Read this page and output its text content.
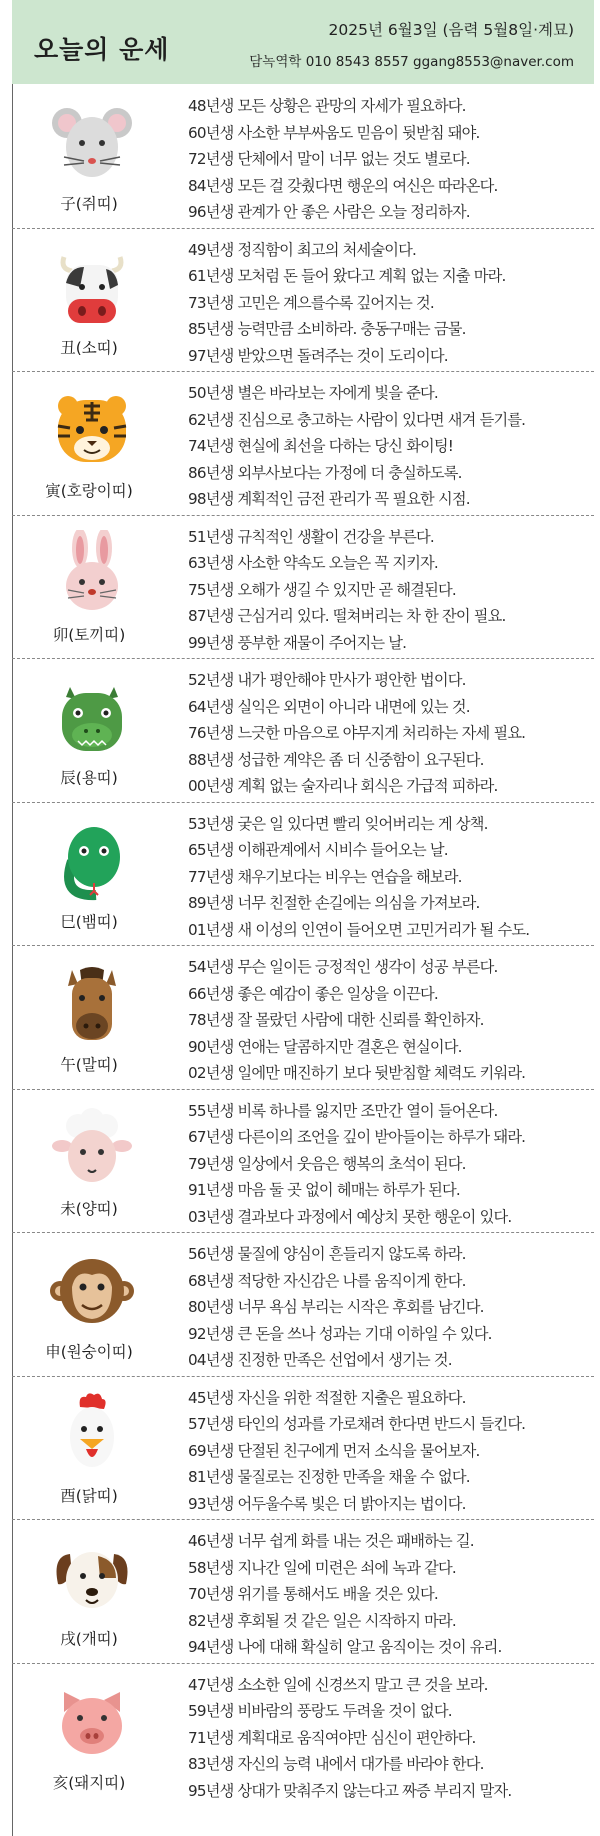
오늘의 운세
2025년 6월3일 (음력 5월8일·계묘)
담녹역학 010 8543 8557 ggang8553@naver.com
子(쥐띠)
48년생 모든 상황은 관망의 자세가 필요하다.
60년생 사소한 부부싸움도 믿음이 뒷받침 돼야.
72년생 단체에서 말이 너무 없는 것도 별로다.
84년생 모든 걸 갖췄다면 행운의 여신은 따라온다.
96년생 관계가 안 좋은 사람은 오늘 정리하자.
丑(소띠)
49년생 정직함이 최고의 처세술이다.
61년생 모처럼 돈 들어 왔다고 계획 없는 지출 마라.
73년생 고민은 계으를수록 깊어지는 것.
85년생 능력만큼 소비하라. 충동구매는 금물.
97년생 받았으면 돌려주는 것이 도리이다.
寅(호랑이띠)
50년생 별은 바라보는 자에게 빛을 준다.
62년생 진심으로 충고하는 사람이 있다면 새겨 듣기를.
74년생 현실에 최선을 다하는 당신 화이팅!
86년생 외부사보다는 가정에 더 충실하도록.
98년생 계획적인 금전 관리가 꼭 필요한 시점.
卯(토끼띠)
51년생 규칙적인 생활이 건강을 부른다.
63년생 사소한 약속도 오늘은 꼭 지키자.
75년생 오해가 생길 수 있지만 곧 해결된다.
87년생 근심거리 있다. 떨쳐버리는 차 한 잔이 필요.
99년생 풍부한 재물이 주어지는 날.
辰(용띠)
52년생 내가 평안해야 만사가 평안한 법이다.
64년생 실익은 외면이 아니라 내면에 있는 것.
76년생 느긋한 마음으로 야무지게 처리하는 자세 필요.
88년생 성급한 계약은 좀 더 신중함이 요구된다.
00년생 계획 없는 술자리나 회식은 가급적 피하라.
巳(뱀띠)
53년생 궂은 일 있다면 빨리 잊어버리는 게 상책.
65년생 이해관계에서 시비수 들어오는 날.
77년생 채우기보다는 비우는 연습을 해보라.
89년생 너무 친절한 손길에는 의심을 가져보라.
01년생 새 이성의 인연이 들어오면 고민거리가 될 수도.
午(말띠)
54년생 무슨 일이든 긍정적인 생각이 성공 부른다.
66년생 좋은 예감이 좋은 일상을 이끈다.
78년생 잘 몰랐던 사람에 대한 신뢰를 확인하자.
90년생 연애는 달콤하지만 결혼은 현실이다.
02년생 일에만 매진하기 보다 뒷받침할 체력도 키워라.
未(양띠)
55년생 비록 하나를 잃지만 조만간 열이 들어온다.
67년생 다른이의 조언을 깊이 받아들이는 하루가 돼라.
79년생 일상에서 웃음은 행복의 초석이 된다.
91년생 마음 둘 곳 없이 헤매는 하루가 된다.
03년생 결과보다 과정에서 예상치 못한 행운이 있다.
申(원숭이띠)
56년생 물질에 양심이 흔들리지 않도록 하라.
68년생 적당한 자신감은 나를 움직이게 한다.
80년생 너무 욕심 부리는 시작은 후회를 남긴다.
92년생 큰 돈을 쓰나 성과는 기대 이하일 수 있다.
04년생 진정한 만족은 선업에서 생기는 것.
酉(닭띠)
45년생 자신을 위한 적절한 지출은 필요하다.
57년생 타인의 성과를 가로채려 한다면 반드시 들킨다.
69년생 단절된 친구에게 먼저 소식을 물어보자.
81년생 물질로는 진정한 만족을 채울 수 없다.
93년생 어두울수록 빛은 더 밝아지는 법이다.
戌(개띠)
46년생 너무 쉽게 화를 내는 것은 패배하는 길.
58년생 지나간 일에 미련은 쇠에 녹과 같다.
70년생 위기를 통해서도 배울 것은 있다.
82년생 후회될 것 같은 일은 시작하지 마라.
94년생 나에 대해 확실히 알고 움직이는 것이 유리.
亥(돼지띠)
47년생 소소한 일에 신경쓰지 말고 큰 것을 보라.
59년생 비바람의 풍랑도 두려울 것이 없다.
71년생 계획대로 움직여야만 심신이 편안하다.
83년생 자신의 능력 내에서 대가를 바라야 한다.
95년생 상대가 맞춰주지 않는다고 짜증 부리지 말자.
